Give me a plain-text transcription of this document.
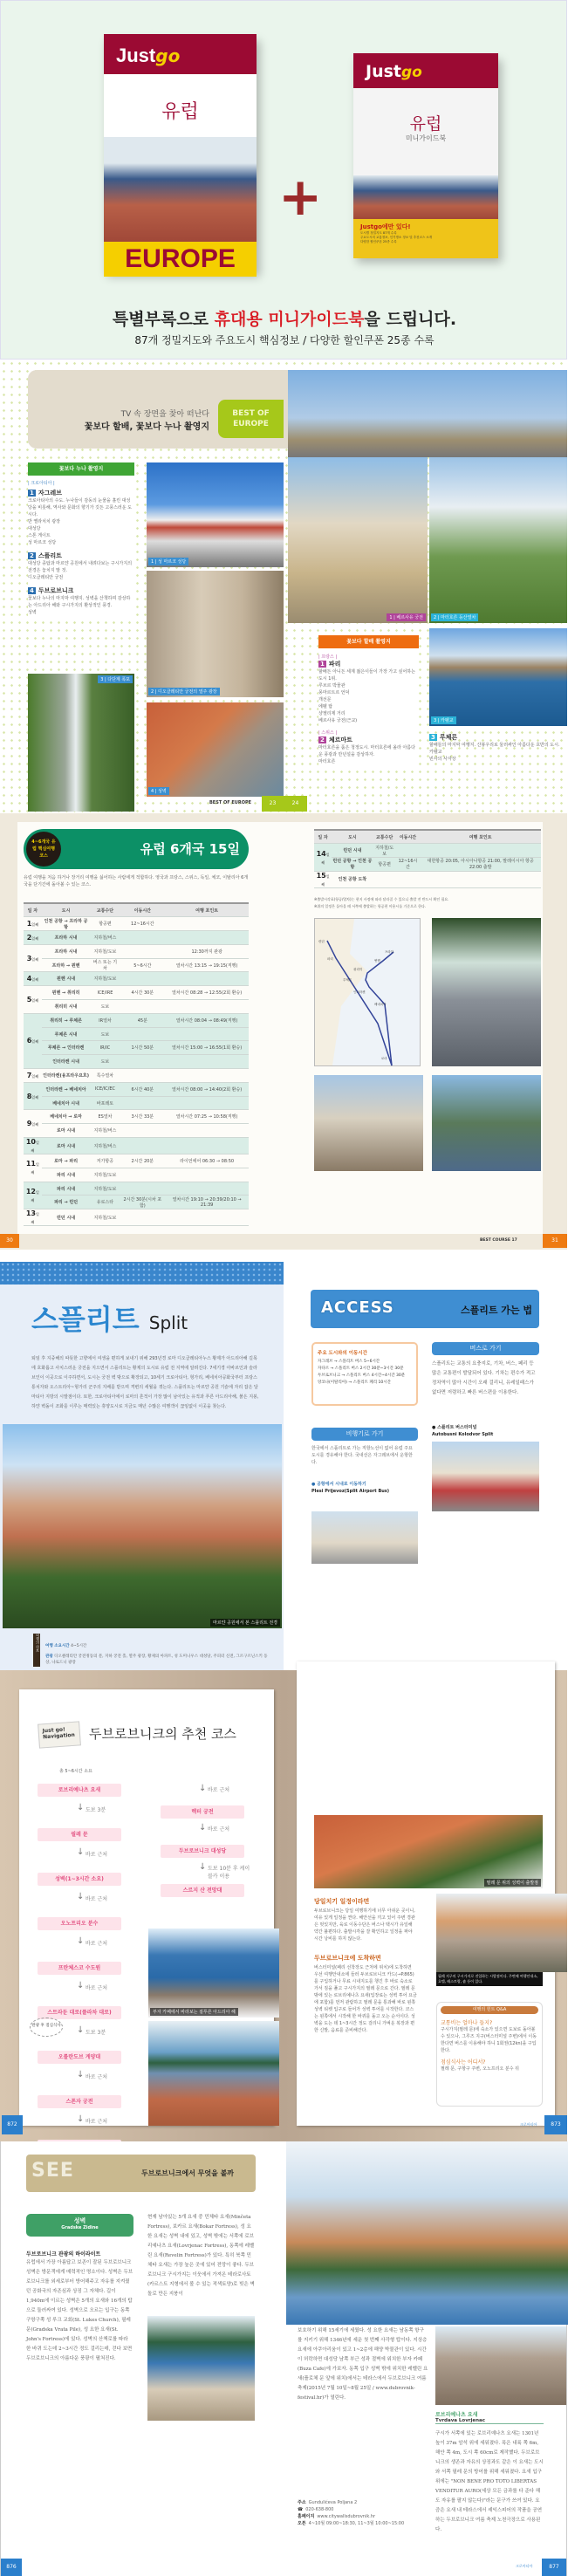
Justgo
유럽
EUROPE
+
Justgo
유럽
미니가이드북
Justgo에만 있다!
도시별 정밀지도 87개 수록
주요도시의 교통정보, 인기명소 정보 및 추천코스 소개
다양한 할인쿠폰 25종 수록
특별부록으로 휴대용 미니가이드북을 드립니다.
87개 정밀지도와 주요도시 핵심정보 / 다양한 할인쿠폰 25종 수록
TV 속 장면을 찾아 떠난다
꽃보다 할배, 꽃보다 누나 촬영지
BEST OF EUROPE
꽃보다 누나 촬영지
| 크로아티아 |
1 자그레브
크로아티아의 수도. 누나들이 감동의 눈물을 흘린 대성당을 비롯해, 역사와 문화의 향기가 깃든 고풍스러운 도시다.
반 옐라치치 광장
대성당
스톤 게이트
성 마르코 성당
2 스플리트
대성당 종탑과 마르얀 공원에서 내려다보는 구시가지의 전경은 놓치지 말 것.
디오클레티안 궁전
4 두브로브니크
꽃보다 누나의 마지막 여행지. 성벽을 산책하며 감상하는 아드리아 해와 구시가지의 환상적인 풍경.
성벽
1 | 성 마르코 성당
2 | 디오클레티안 궁전의 열주 광장
3 | 다단계 폭포
4 | 성벽
BEST OF EUROPE	23
1 | 베르사유 궁전	2 | 마터호른 등산열차
꽃보다 할배 촬영지
| 프랑스 |
1 파리
할배든 아니든 세계 젊은이들이 가장 가고 싶어하는 도시 1위.
루브르 박물관
몽마르트르 언덕
개선문
에펠 탑
샹젤리제 거리
베르사유 궁전(근교)
| 스위스 |
2 체르마트
마터호른을 품은 청정도시. 마터호른에 올라 아름다운 풍광과 만년설을 감상하자.
마터호른
3 | 카펠교
3 루체른
할배들의 마지막 여행지. 산봉우리로 둘러싸인 아름다운 호반의 도시.
카펠교
빈사의 사자상
24
4~6개국 유럽 핵심여행 코스	유럽 6개국 15일
유럽 여행을 처음 하거나 장거리 여행을 싫어하는 사람에게 적합하다. 영국과 프랑스, 스위스, 독일, 체코, 이탈리아 6개국을 단기간에 돌아볼 수 있는 코스.
일 자	도시	교통수단	이동시간	여행 포인트
1일째	인천 공항 → 프라하 공항	항공편	12~16시간	
2일째	프라하 시내	지하철/버스		
3일째	프라하 시내	지하철/도보		12:30까지 관광
	프라하 → 뮌헨	버스 또는 기차	5~6시간	열차시간 13:15 → 19:15(직행)
4일째	뮌헨 시내	지하철/도보		
5일째	뮌헨 → 취리히	ICE/IRE	4시간 30분	열차시간 08:28 → 12:55(2회 환승)
	취리히 시내	도보		
6일째	취리히 → 루체른	IR열차	45분	열차시간 08:04 → 08:49(직행)
	루체른 시내	도보		
	루체른 → 인터라켄	IR/IC	1시간 50분	열차시간 15:00 → 16:55(1회 환승)
	인터라켄 시내	도보		
7일째	인터라켄(융프라우요흐)	특수열차		
8일째	인터라켄 → 베네치아	ICE/IC/EC	6시간 40분	열차시간 08:00 → 14:40(2회 환승)
	베네치아 시내	바포레토		
9일째	베네치아 → 로마	ES열차	3시간 33분	열차시간 07:25 → 10:58(직행)
	로마 시내	지하철/버스		
10일째	로마 시내	지하철/버스		
11일째	로마 → 파리	저가항공	2시간 20분	라이언에어 06:30 → 08:50
	파리 시내	지하철/도보		
12일째	파리 시내	지하철/도보		
	파리 → 런던	유로스타	2시간 30분(시차 포함)	열차시간 19:10 → 20:39/20:10 → 21:39
13일째	런던 시내	지하철/도보		
일 자	도시	교통수단	이동시간	여행 포인트
14일째	런던 시내	지하철/도보		
	런던 공항 → 인천 공항	항공편	12~16시간	대한항공 20:05, 아시아나항공 21:00, 말레이시아 항공 22:00 출발
15일째	인천 공항 도착			
※출발시각표(항공/열차)는 현지 사정에 따라 달라질 수 있으니 출발 전 반드시 확인 필요.
※위의 일정은 돌아올 때 서쪽에 출발하는 항공편 이용시를 기준으로 한다.
런던
파리
프라하
뮌헨
취리히
루체른
인터라켄
베네치아
로마
30	BEST COURSE 17	31
스플리트 Split
퇴임 후 지중해의 따뜻한 고향에서 여생을 편하게 보내기 위해 293년경 로마 디오클레티아누스 황제가 아드리아해 길목에 호화롭고 사치스러운 궁전을 지으면서 스플리트는 황제의 도시로 유럽 전 지역에 알려진다. 7세기경 아바르인과 슬라브인이 이곳으로 이주하면서, 도시는 궁전 벽 밖으로 확장되고, 10세기 크로아티아, 헝가리, 베네치아공화국부터 프랑스 통치자와 오스트리아~헝가리 군주의 지배를 받으며 격변의 세월을 겪는다. 스플리트는 마르얀 공원 기슭에 자리 잡은 달마티아 지방의 시발점이다. 또한, 크로아티아에서 로마의 흔적이 가장 많이 남아있는 유적과 푸른 아드리아해, 붉은 지붕, 하얀 벽돌이 조화를 이루는 매력있는 휴양도시로 지금도 매년 수많은 여행객이 끊임없이 이곳을 찾는다.
마르얀 공원에서 본 스플리트 전경
여행의 힌트 여행 소요시간 4~5시간관광 디오클레티안 궁전정동의 문, 지하 궁전 홀, 열주 광장, 황제의 아파트, 성 도미니우스 대성당, 주피터 신전, 그르구르닌스키 동상, 나로드니 광장
ACCESS	스플리트 가는 법
주요 도시와의 이동시간
자그레브 → 스플리트 버스 5~6시간
자다르 → 스플리트 버스 2시간 30분~3시간 30분
두브로브니크 → 스플리트 버스 4시간~4시간 30분
앙코나(이탈리아) → 스플리트 페리 10시간
비행기로 가기
한국에서 스플리트로 가는 직항노선이 없어 유럽 주요 도시를 경유해야 한다. 국내선은 자그레브에서 운항한다.
● 공항에서 시내로 이동하기
Plesi Prijevoz(Split Airport Bus)
버스로 가기
스플리트는 교통의 요충지로, 기차, 버스, 페리 등 많은 교통편이 발달되어 있다. 기차는 편수가 적고 정차역이 많아 시간이 오래 걸리니, 유레일패스가 없다면 저렴하고 빠른 버스편을 이용한다.
● 스플리트 버스터미널
Autobusni Kolodvor Split
Just go!
Navigation 두브로브니크의 추천 코스
총 5~6시간 소요
로브리예나츠 요새
↓ 도보 3분
필레 문
↓ 바로 근처
성벽(1~3시간 소요)
↓ 바로 근처
오노프리오 분수
↓ 바로 근처
프란체스코 수도원
↓ 바로 근처
스트라둔 대로(플라차 대로)
↓ 도보 3분
오를란도브 게양대
↓ 바로 근처
스폰자 궁전
↓ 바로 근처
↓ 바로 근처
렉터 궁전
↓ 바로 근처
두브로브니크 대성당
↓ 도보 10분 후 케이블카 이용
스르지 산 전망대
관광 후 점심식사
부자 카페에서 바라보는 짙푸른 아드리아 해
필레 문 위의 성벽이 출발점
당일치기 일정이라면
두브로브니크는 당일 여행하기에 너무 아쉬운 곳이니, 여유 있게 일정을 짠다. 해안선을 끼고 있어 주변 경관은 멋있지만, 육로 이동수단은 버스나 택시가 유일해 약간 불편하다. 출발시각을 잘 확인하고 일정을 짜야 시간 낭비를 하지 않는다.
두브로브니크에 도착하면
버스터미널(페리 선착장도 근처에 위치)에 도착하면 우선 여행안내소에 들러 두브로브니크 카드(→P.865)를 구입하거나 무료 시내지도를 챙긴 후 바로 숙소로 가서 짐을 풀고 구시가지의 필레 문으로 간다. 필레 문 밖에 있는 로브리예나츠 요새(입장료는 성벽 투어 요금에 포함)를 먼저 관람하고 필레 문을 통과해 바로 왼쪽 성벽 티켓 입구로 들어가 성벽 투어를 시작한다. 코스는 왼쪽에서 시작해 한 바퀴를 돌고 오는 순서이다. 성벽을 도는 데 1~3시간 정도 걸리니 가벼운 복장과 편한 신발, 음료를 준비해간다.
필레 지구의 구시가지로 진입하는 시발점이다. 주변에 여행안내소, 호텔, 레스토랑, 숍 등이 있다.
여행의 힌트 Q&A
교통비는 얼마나 들지?
구시가지(필레 문)에 숙소가 있으면 도보로 돌아볼 수 있으나, 그루즈 지구(버스터미널 주변)에서 이동한다면 버스를 이용해야 하니 1회권(12kn)을 구입한다.
점심식사는 어디서?
필레 문, 구항구 주변, 오노프리오 분수 뒤
872	크로아티아	873
SEE	두브로브니크에서 무엇을 볼까
성벽
Gradske Zidine
두브로브니크 관광의 하이라이트
유럽에서 가장 아름답고 보존이 잘된 두브로브니크 성벽은 방문객에게 매력적인 명소이다. 성벽은 두브로브니크를 외세로부터 방어해주고 자유를 지켜줬던 공화국의 자존심과 상징 그 자체다. 길이 1,940m에 이르는 성벽은 5개의 요새와 16개의 탑으로 둘러싸여 있다. 성벽으로 오르는 입구는 동쪽 구항구쪽 성 루크 교회(St. Lukes Church), 필레 문(Gradska Vrata Pile), 성 요한 요새(St. John's Fortress)에 있다. 성벽의 산책로를 따라 한 바퀴 도는데 2~3시간 정도 걸리는데, 걷다 보면 두브로브니크의 아름다운 풍광이 펼쳐진다.
현재 남아있는 5개 요새 중 민체타 요새(Minčeta Fortress), 보카르 요새(Bokar Fortress), 성 요한 요새는 성벽 내에 있고, 성벽 밖에는 서쪽에 로브리예나츠 요새(Lovrjenac Fortress), 동쪽에 레벨린 요새(Revelin Fortress)가 있다. 특히 북쪽 민체타 요새는 가장 높은 곳에 있어 전망이 좋다. 두브로브니크 구시가지는 이웃에서 가져온 테라로사토(카르스트 지형에서 볼 수 있는 적색토양)로 빚은 벽돌로 만든 지붕이
보호하기 위해 15세기에 세웠다. 성 요한 요새는 남동쪽 항구를 지키기 위해 1346년에 세운 첫 번째 사각형 탑이다. 지상층 요새에 아쿠아리움이 있고 1~2층에 해양 박물관이 있다. 시간이 허락하면 대성당 남쪽 부근 성곽 절벽에 위치한 부자 카페(Buza Cafe)에 가보자. 동쪽 입구 성벽 밖에 위치한 레벨린 요새(플로체 문 앞에 위치)에서는 테라스에서 두브로브니크 여름축제(2015년 7월 10일~8월 25일 / www.dubrovnik-festival.hr)가 열린다.
주소 Gundulićeva Poljana 2
☎ 020-638-800
홈페이지 www.citywallsdubrovnik.hr
오픈 4~10월 09:00~18:30, 11~3월 10:00~15:00
로브리예나츠 요새
Tvrdava Lovrjenac
구시가 서쪽에 있는 로브리예나츠 요새는 1301년 높이 37m 암석 위에 세워졌다. 폭은 내륙 쪽 6m, 해안 쪽 4m, 도시 쪽 60cm로 제작했다. 두브로브니크의 생존과 자유의 상징과도 같은 이 요새는 도시와 서쪽 필레 문의 방어를 위해 세워졌다. 요새 입구 위에는 "NON BENE PRO TOTO LIBERTAS VENDITUR AURO(세상 모든 금과를 다 준다 해도 자유를 팔지 않는다)"라는 문구가 쓰여 있다. 요즘은 요새 내 테라스에서 셰익스피어의 작품을 공연하는 두브로브니크 여름 축제 노천극장으로 사용된다.
876	크로아티아	877
